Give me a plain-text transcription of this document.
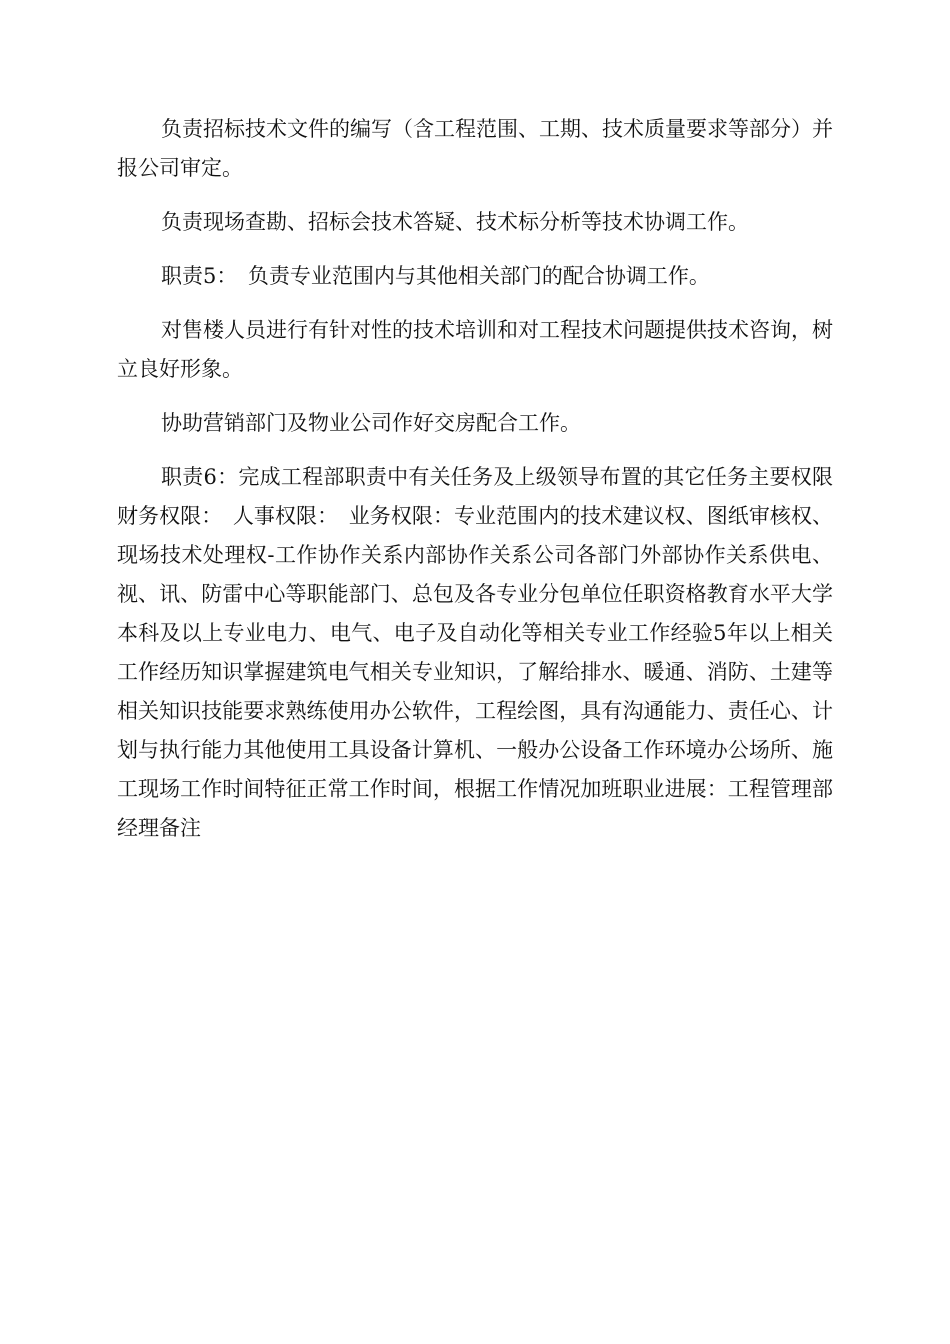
负责招标技术文件的编写（含工程范围、工期、技术质量要求等部分）并报公司审定。

负责现场查勘、招标会技术答疑、技术标分析等技术协调工作。

职责5：　负责专业范围内与其他相关部门的配合协调工作。

对售楼人员进行有针对性的技术培训和对工程技术问题提供技术咨询，树立良好形象。

协助营销部门及物业公司作好交房配合工作。

职责6：完成工程部职责中有关任务及上级领导布置的其它任务主要权限财务权限：　人事权限：　业务权限：专业范围内的技术建议权、图纸审核权、现场技术处理权-工作协作关系内部协作关系公司各部门外部协作关系供电、视、讯、防雷中心等职能部门、总包及各专业分包单位任职资格教育水平大学本科及以上专业电力、电气、电子及自动化等相关专业工作经验5年以上相关工作经历知识掌握建筑电气相关专业知识，了解给排水、暖通、消防、土建等相关知识技能要求熟练使用办公软件，工程绘图，具有沟通能力、责任心、计划与执行能力其他使用工具设备计算机、一般办公设备工作环境办公场所、施工现场工作时间特征正常工作时间，根据工作情况加班职业进展：工程管理部经理备注
